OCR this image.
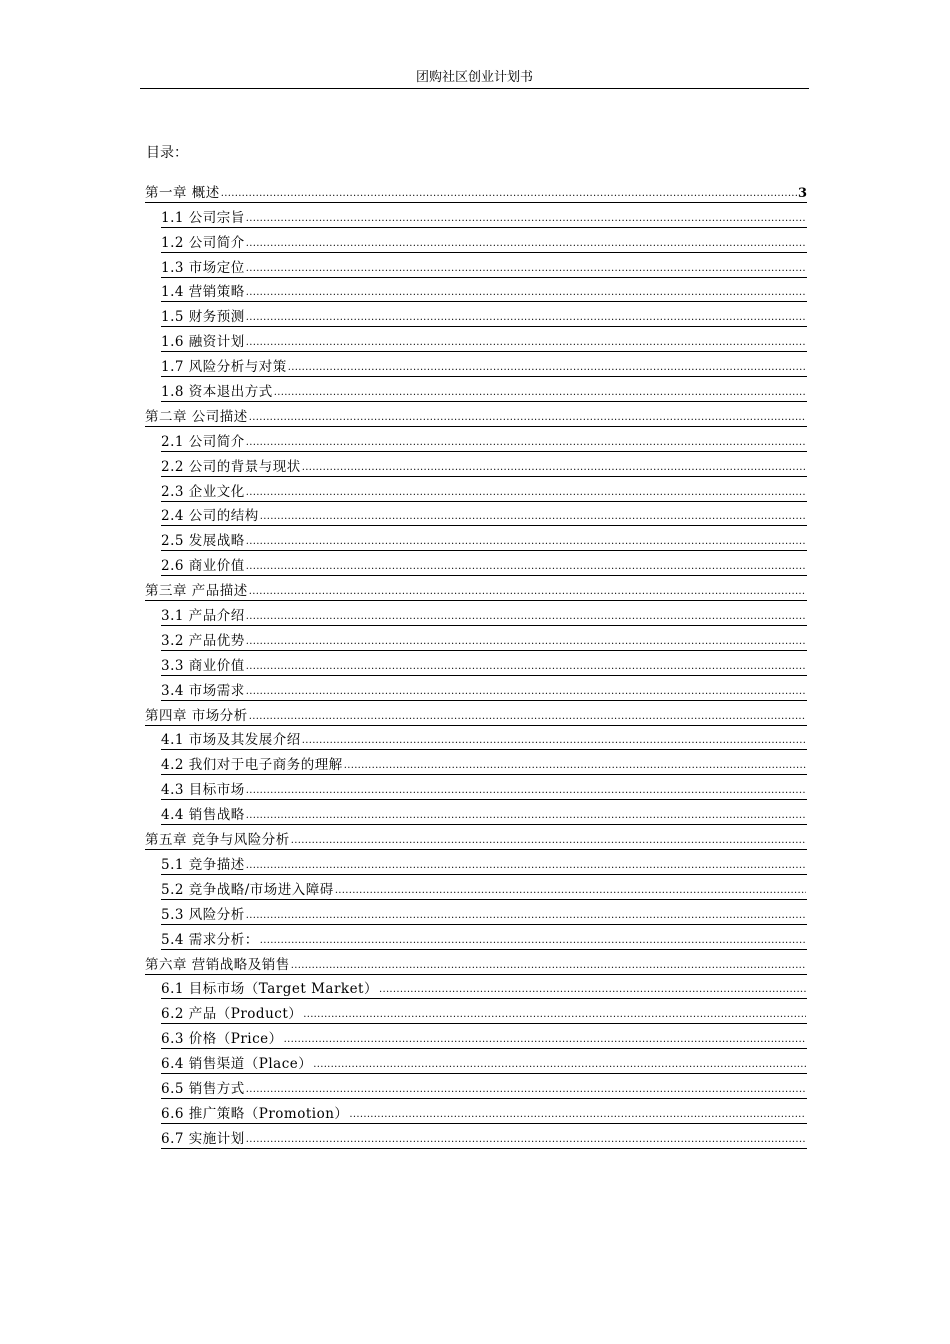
团购社区创业计划书
目录：
第一章 概述
.....	3
1.1 公司宗旨
.....
1.2 公司简介
.....
1.3 市场定位
.....
1.4 营销策略
.....
1.5 财务预测
.....
1.6 融资计划
.....
1.7 风险分析与对策
.....
1.8 资本退出方式
.....
第二章 公司描述
.....
2.1 公司简介
.....
2.2 公司的背景与现状
.....
2.3 企业文化
.....
2.4 公司的结构
.....
2.5 发展战略
.....
2.6 商业价值
.....
第三章 产品描述
.....
3.1 产品介绍
.....
3.2 产品优势
.....
3.3 商业价值
.....
3.4 市场需求
.....
第四章 市场分析
.....
4.1 市场及其发展介绍
.....
4.2 我们对于电子商务的理解
.....
4.3 目标市场
.....
4.4 销售战略
.....
第五章 竞争与风险分析
.....
5.1 竞争描述
.....
5.2 竞争战略/市场进入障碍
.....
5.3 风险分析
.....
5.4 需求分析：
.....
第六章 营销战略及销售
.....
6.1 目标市场（Target Market）
.....
6.2 产品（Product）
.....
6.3 价格（Price）
.....
6.4 销售渠道（Place）
.....
6.5 销售方式
.....
6.6 推广策略（Promotion）
.....
6.7 实施计划
.....
